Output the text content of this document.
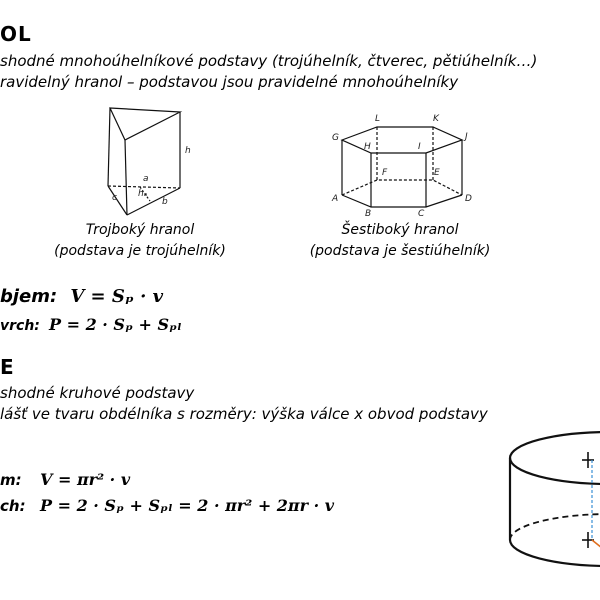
OL
shodné mnohoúhelníkové podstavy (trojúhelník, čtverec, pětiúhelník…)
ravidelný hranol – podstavou jsou pravidelné mnohoúhelníky
h
a
hₐ
c	b
Trojboký hranol
(podstava je trojúhelník)
L	K
G	J
H	I
F	E
A	D
B	C
Šestiboký hranol
(podstava je šestiúhelník)
bjem: V = Sₚ · v
vrch: P = 2 · Sₚ + Sₚₗ
E
shodné kruhové podstavy
lášť ve tvaru obdélníka s rozměry: výška válce x obvod podstavy
m: V = πr² · v
ch: P = 2 · Sₚ + Sₚₗ = 2 · πr² + 2πr · v
